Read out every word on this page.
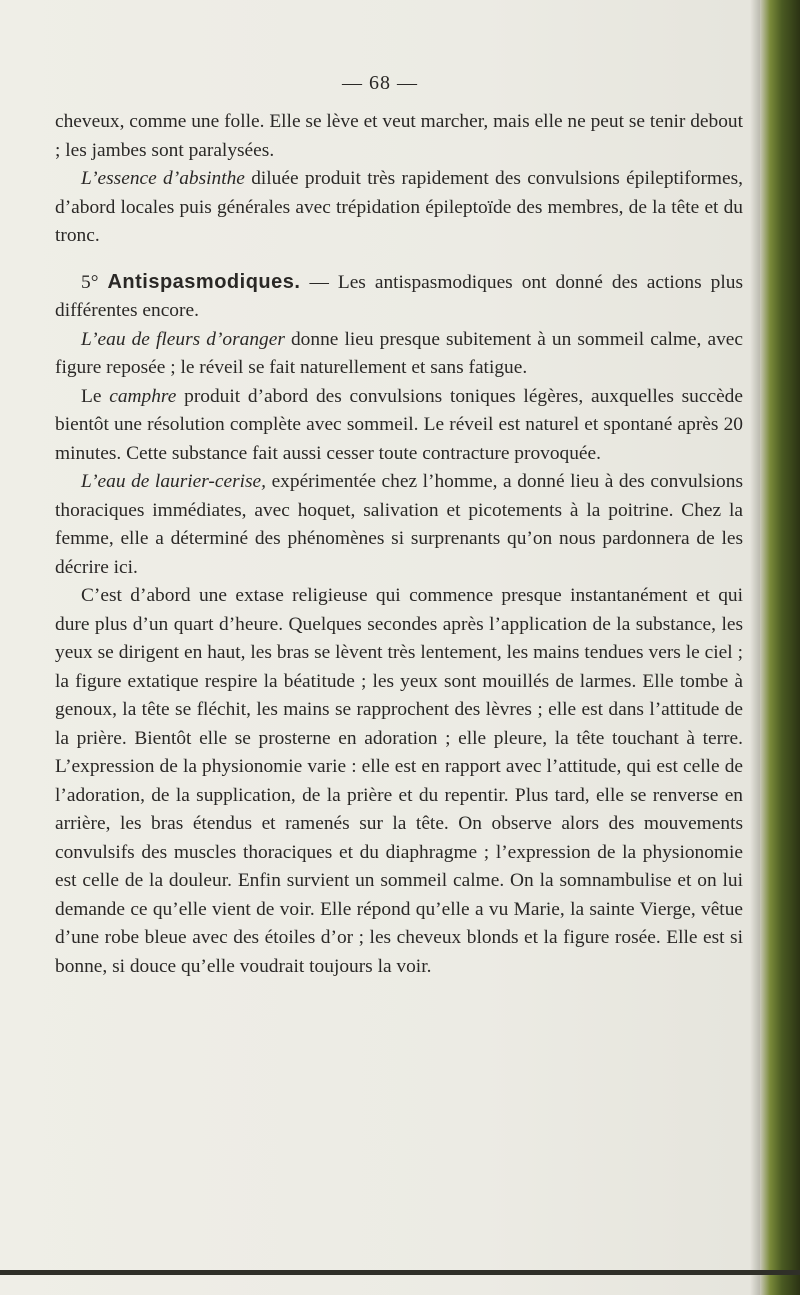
— 68 —

cheveux, comme une folle. Elle se lève et veut marcher, mais elle ne peut se tenir debout ; les jambes sont paralysées.

L’essence d’absinthe diluée produit très rapidement des convulsions épileptiformes, d’abord locales puis générales avec trépidation épileptoïde des membres, de la tête et du tronc.

5° Antispasmodiques. — Les antispasmodiques ont donné des actions plus différentes encore.

L’eau de fleurs d’oranger donne lieu presque subitement à un sommeil calme, avec figure reposée ; le réveil se fait naturellement et sans fatigue.

Le camphre produit d’abord des convulsions toniques légères, auxquelles succède bientôt une résolution complète avec sommeil. Le réveil est naturel et spontané après 20 minutes. Cette substance fait aussi cesser toute contracture provoquée.

L’eau de laurier-cerise, expérimentée chez l’homme, a donné lieu à des convulsions thoraciques immédiates, avec hoquet, salivation et picotements à la poitrine. Chez la femme, elle a déterminé des phénomènes si surprenants qu’on nous pardonnera de les décrire ici.

C’est d’abord une extase religieuse qui commence presque instantanément et qui dure plus d’un quart d’heure. Quelques secondes après l’application de la substance, les yeux se dirigent en haut, les bras se lèvent très lentement, les mains tendues vers le ciel ; la figure extatique respire la béatitude ; les yeux sont mouillés de larmes. Elle tombe à genoux, la tête se fléchit, les mains se rapprochent des lèvres ; elle est dans l’attitude de la prière. Bientôt elle se prosterne en adoration ; elle pleure, la tête touchant à terre. L’expression de la physionomie varie : elle est en rapport avec l’attitude, qui est celle de l’adoration, de la supplication, de la prière et du repentir. Plus tard, elle se renverse en arrière, les bras étendus et ramenés sur la tête. On observe alors des mouvements convulsifs des muscles thoraciques et du diaphragme ; l’expression de la physionomie est celle de la douleur. Enfin survient un sommeil calme. On la somnambulise et on lui demande ce qu’elle vient de voir. Elle répond qu’elle a vu Marie, la sainte Vierge, vêtue d’une robe bleue avec des étoiles d’or ; les cheveux blonds et la figure rosée. Elle est si bonne, si douce qu’elle voudrait toujours la voir.
